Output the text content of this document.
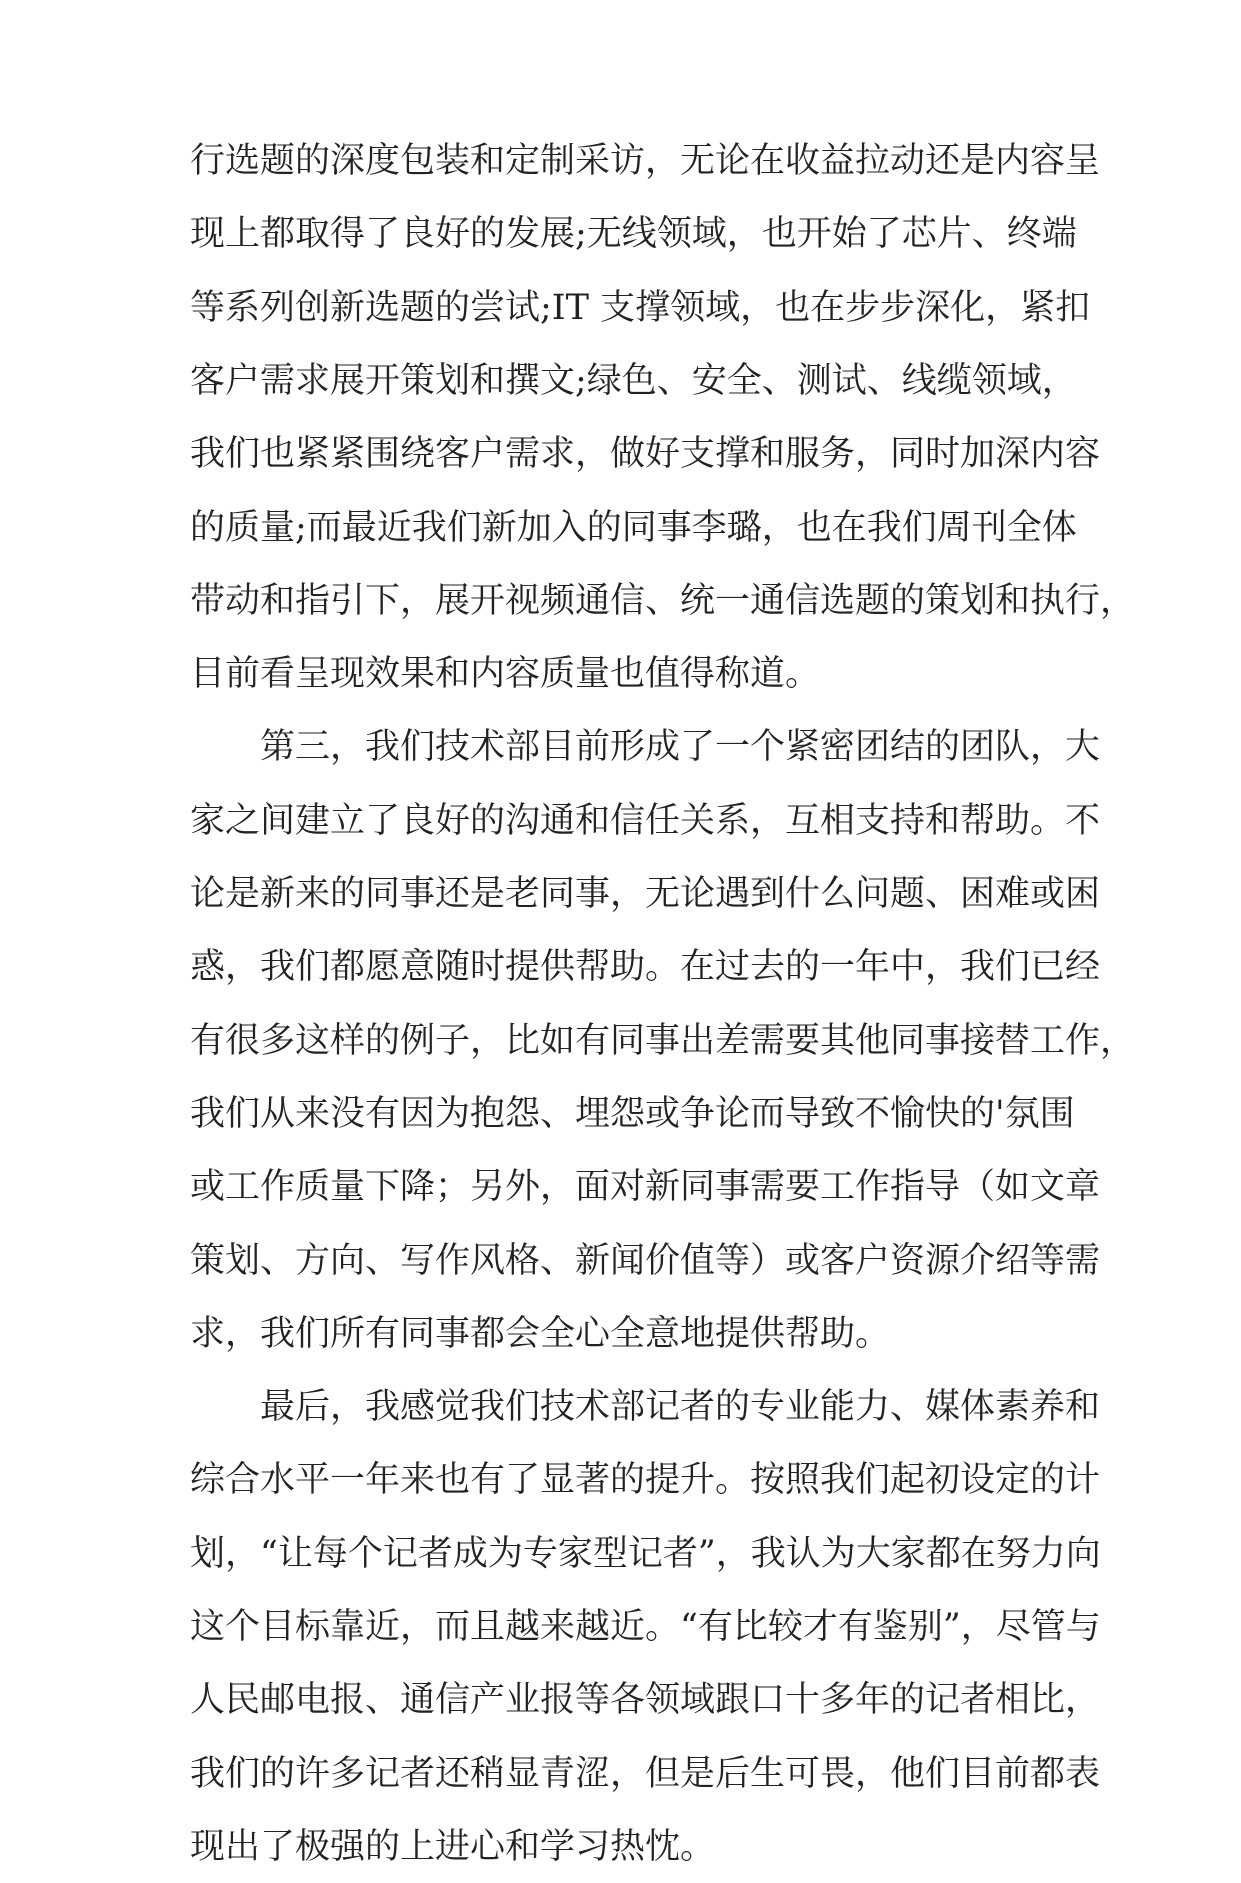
行选题的深度包装和定制采访，无论在收益拉动还是内容呈
现上都取得了良好的发展;无线领域，也开始了芯片、终端
等系列创新选题的尝试;IT 支撑领域，也在步步深化，紧扣
客户需求展开策划和撰文;绿色、安全、测试、线缆领域，
我们也紧紧围绕客户需求，做好支撑和服务，同时加深内容
的质量;而最近我们新加入的同事李璐，也在我们周刊全体
带动和指引下，展开视频通信、统一通信选题的策划和执行，
目前看呈现效果和内容质量也值得称道。
　　第三，我们技术部目前形成了一个紧密团结的团队，大
家之间建立了良好的沟通和信任关系，互相支持和帮助。不
论是新来的同事还是老同事，无论遇到什么问题、困难或困
惑，我们都愿意随时提供帮助。在过去的一年中，我们已经
有很多这样的例子，比如有同事出差需要其他同事接替工作，
我们从来没有因为抱怨、埋怨或争论而导致不愉快的'氛围
或工作质量下降；另外，面对新同事需要工作指导（如文章
策划、方向、写作风格、新闻价值等）或客户资源介绍等需
求，我们所有同事都会全心全意地提供帮助。
　　最后，我感觉我们技术部记者的专业能力、媒体素养和
综合水平一年来也有了显著的提升。按照我们起初设定的计
划，“让每个记者成为专家型记者”，我认为大家都在努力向
这个目标靠近，而且越来越近。“有比较才有鉴别”，尽管与
人民邮电报、通信产业报等各领域跟口十多年的记者相比，
我们的许多记者还稍显青涩，但是后生可畏，他们目前都表
现出了极强的上进心和学习热忱。
